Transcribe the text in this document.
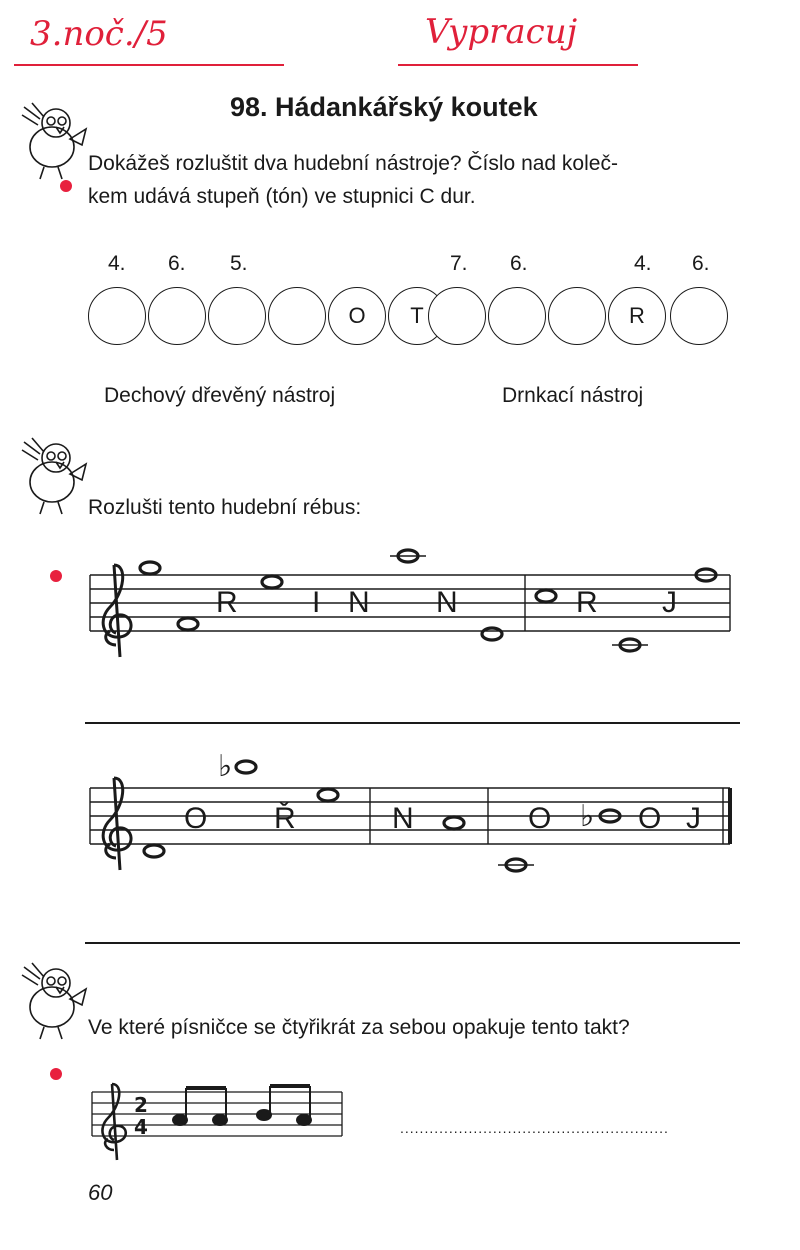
3.noč./5	Vypracuj
98. Hádankářský koutek
Dokážeš rozluštit dva hudební nástroje? Číslo nad koleč-
kem udává stupeň (tón) ve stupnici C dur.
4. 6. 5.
O	T
Dechový dřevěný nástroj
7. 6.	4. 6.
R
Drnkací nástroj
Rozlušti tento hudební rébus:
R I N N	R J
♭
♭
O Ř	N	O	O J
Ve které písničce se čtyřikrát za sebou opakuje tento takt?
2
4	.......................................................
60
